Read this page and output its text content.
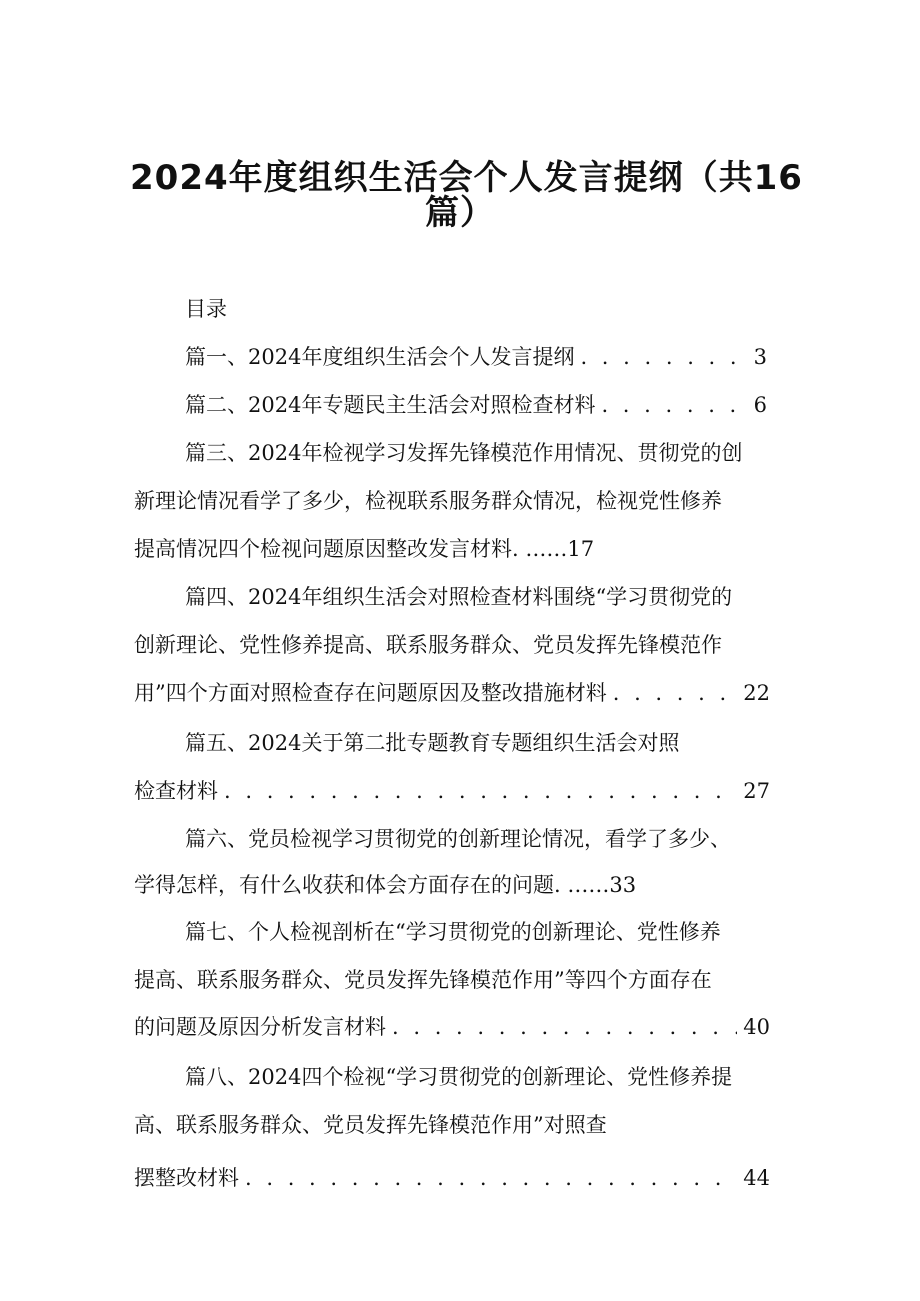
2024年度组织生活会个人发言提纲（共16
篇）

目录

篇一、2024年度组织生活会个人发言提纲 . . .	3
篇二、2024年专题民主生活会对照检查材料 . . .	6

篇三、2024年检视学习发挥先锋模范作用情况、贯彻党的创

新理论情况看学了多少，检视联系服务群众情况，检视党性修养

提高情况四个检视问题原因整改发言材料. ……17

篇四、2024年组织生活会对照检查材料围绕“学习贯彻党的

创新理论、党性修养提高、联系服务群众、党员发挥先锋模范作

用”四个方面对照检查存在问题原因及整改措施材料 . . .	22

篇五、2024关于第二批专题教育专题组织生活会对照

检查材料 . . .	27

篇六、党员检视学习贯彻党的创新理论情况，看学了多少、

学得怎样，有什么收获和体会方面存在的问题. ……33

篇七、个人检视剖析在“学习贯彻党的创新理论、党性修养

提高、联系服务群众、党员发挥先锋模范作用”等四个方面存在

的问题及原因分析发言材料 . . .	40

篇八、2024四个检视“学习贯彻党的创新理论、党性修养提

高、联系服务群众、党员发挥先锋模范作用”对照查

摆整改材料 . . .	44
